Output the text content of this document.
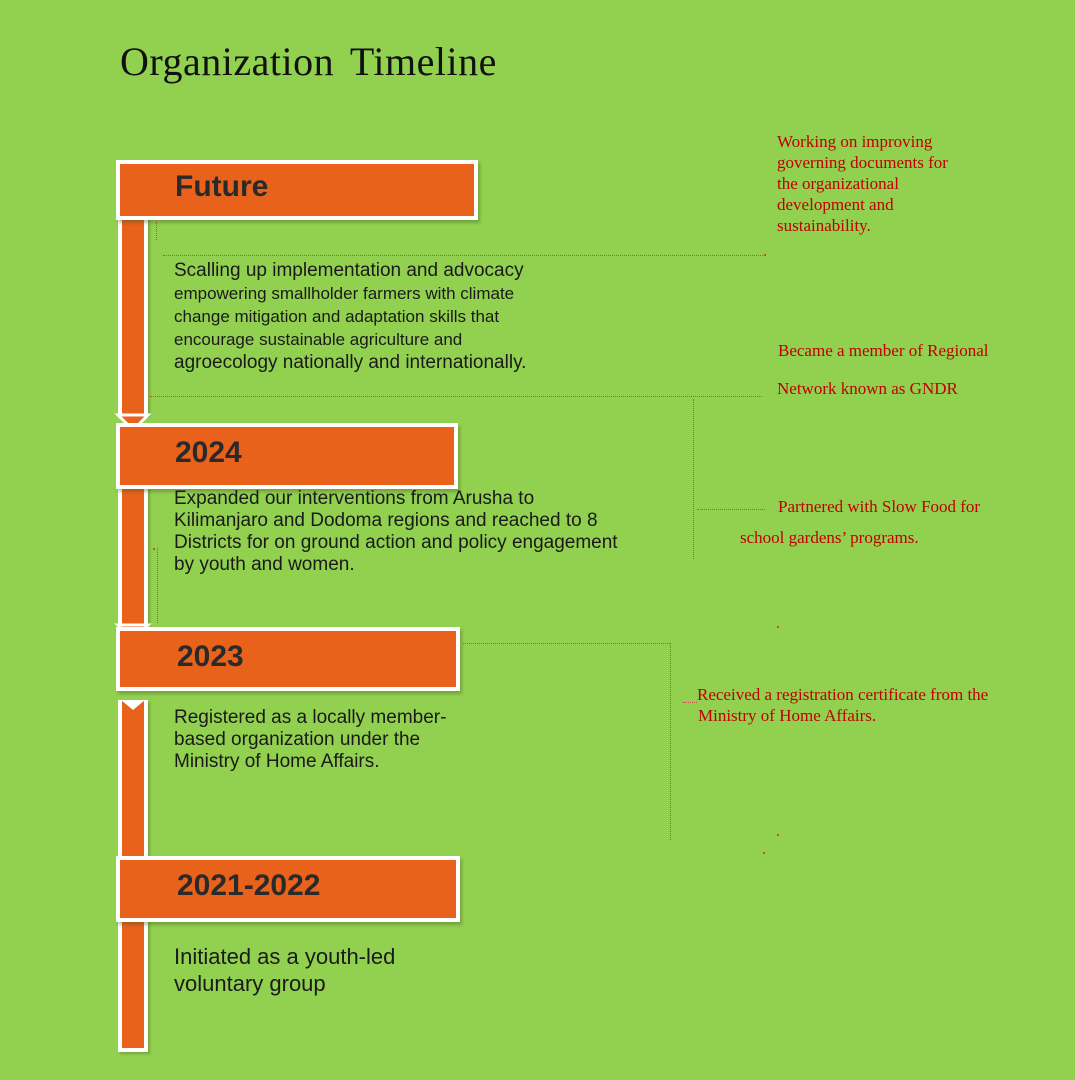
Organization Timeline
Future
2024
2023
2021-2022
Scalling up implementation and advocacy
empowering smallholder farmers with climate
change mitigation and adaptation skills that
encourage sustainable agriculture and
agroecology nationally and internationally.
Expanded our interventions from Arusha to
Kilimanjaro and Dodoma regions and reached to 8
Districts for on ground action and policy engagement
by youth and women.
Registered as a locally member-
based organization under the
Ministry of Home Affairs.
Initiated as a youth-led
voluntary group
Working on improving
governing documents for
the organizational
development and
sustainability.
Became a member of Regional
Network known as GNDR
Partnered with Slow Food for
school gardens’ programs.
Received a registration certificate from the
Ministry of Home Affairs.
